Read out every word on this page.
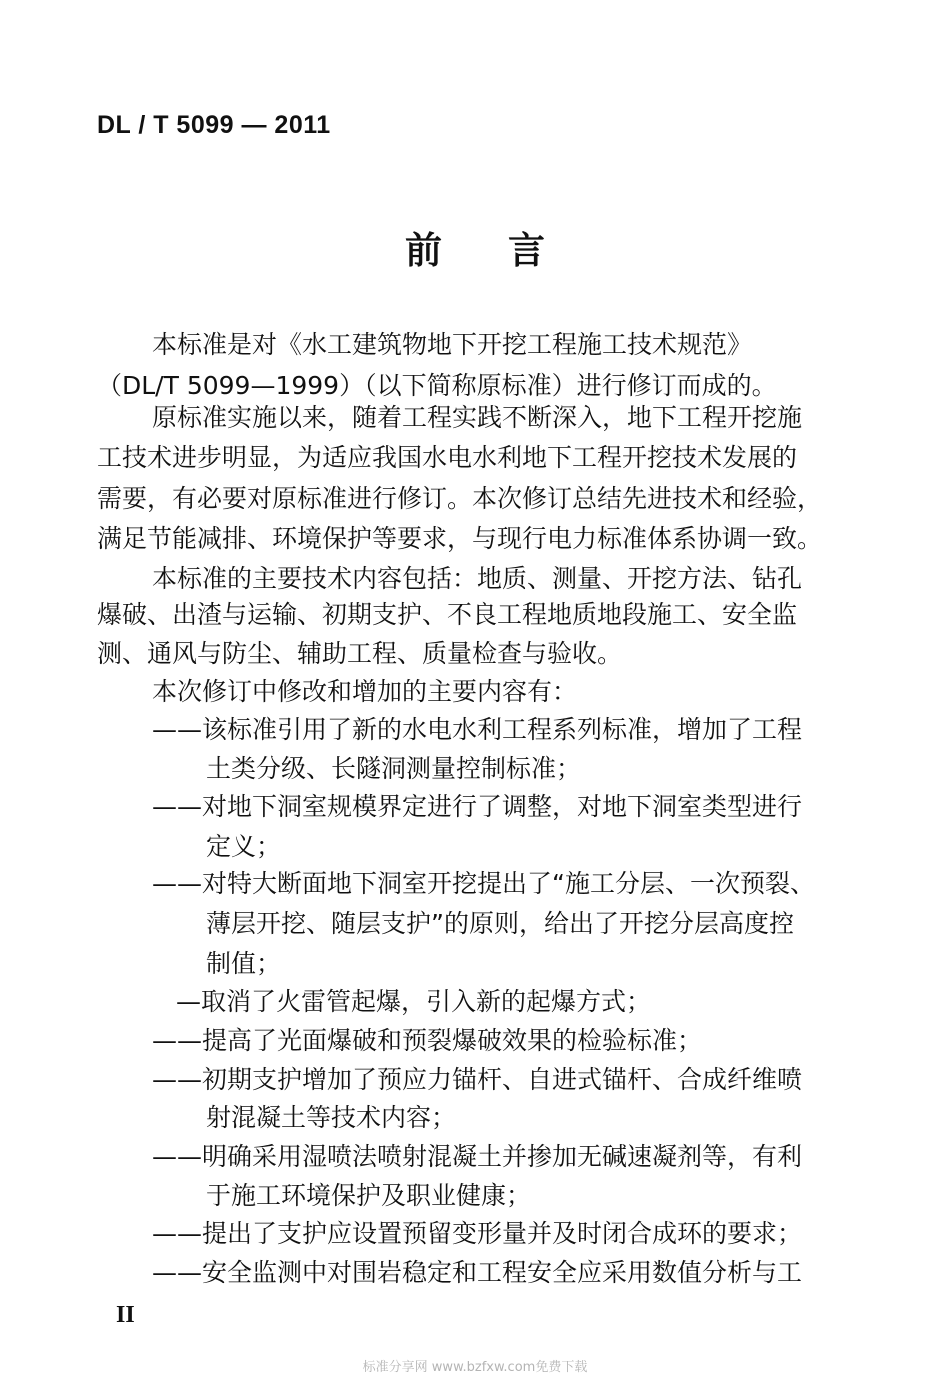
DL / T 5099 — 2011
前言
本标准是对《水工建筑物地下开挖工程施工技术规范》
（DL/T 5099—1999）（以下简称原标准）进行修订而成的。
原标准实施以来，随着工程实践不断深入，地下工程开挖施
工技术进步明显，为适应我国水电水利地下工程开挖技术发展的
需要，有必要对原标准进行修订。本次修订总结先进技术和经验，
满足节能减排、环境保护等要求，与现行电力标准体系协调一致。
本标准的主要技术内容包括：地质、测量、开挖方法、钻孔
爆破、出渣与运输、初期支护、不良工程地质地段施工、安全监
测、通风与防尘、辅助工程、质量检查与验收。
本次修订中修改和增加的主要内容有：
——该标准引用了新的水电水利工程系列标准，增加了工程
土类分级、长隧洞测量控制标准；
——对地下洞室规模界定进行了调整，对地下洞室类型进行
定义；
——对特大断面地下洞室开挖提出了“施工分层、一次预裂、
薄层开挖、随层支护”的原则，给出了开挖分层高度控
制值；
—取消了火雷管起爆，引入新的起爆方式；
——提高了光面爆破和预裂爆破效果的检验标准；
——初期支护增加了预应力锚杆、自进式锚杆、合成纤维喷
射混凝土等技术内容；
——明确采用湿喷法喷射混凝土并掺加无碱速凝剂等，有利
于施工环境保护及职业健康；
——提出了支护应设置预留变形量并及时闭合成环的要求；
——安全监测中对围岩稳定和工程安全应采用数值分析与工
II
标准分享网 www.bzfxw.com免费下载
